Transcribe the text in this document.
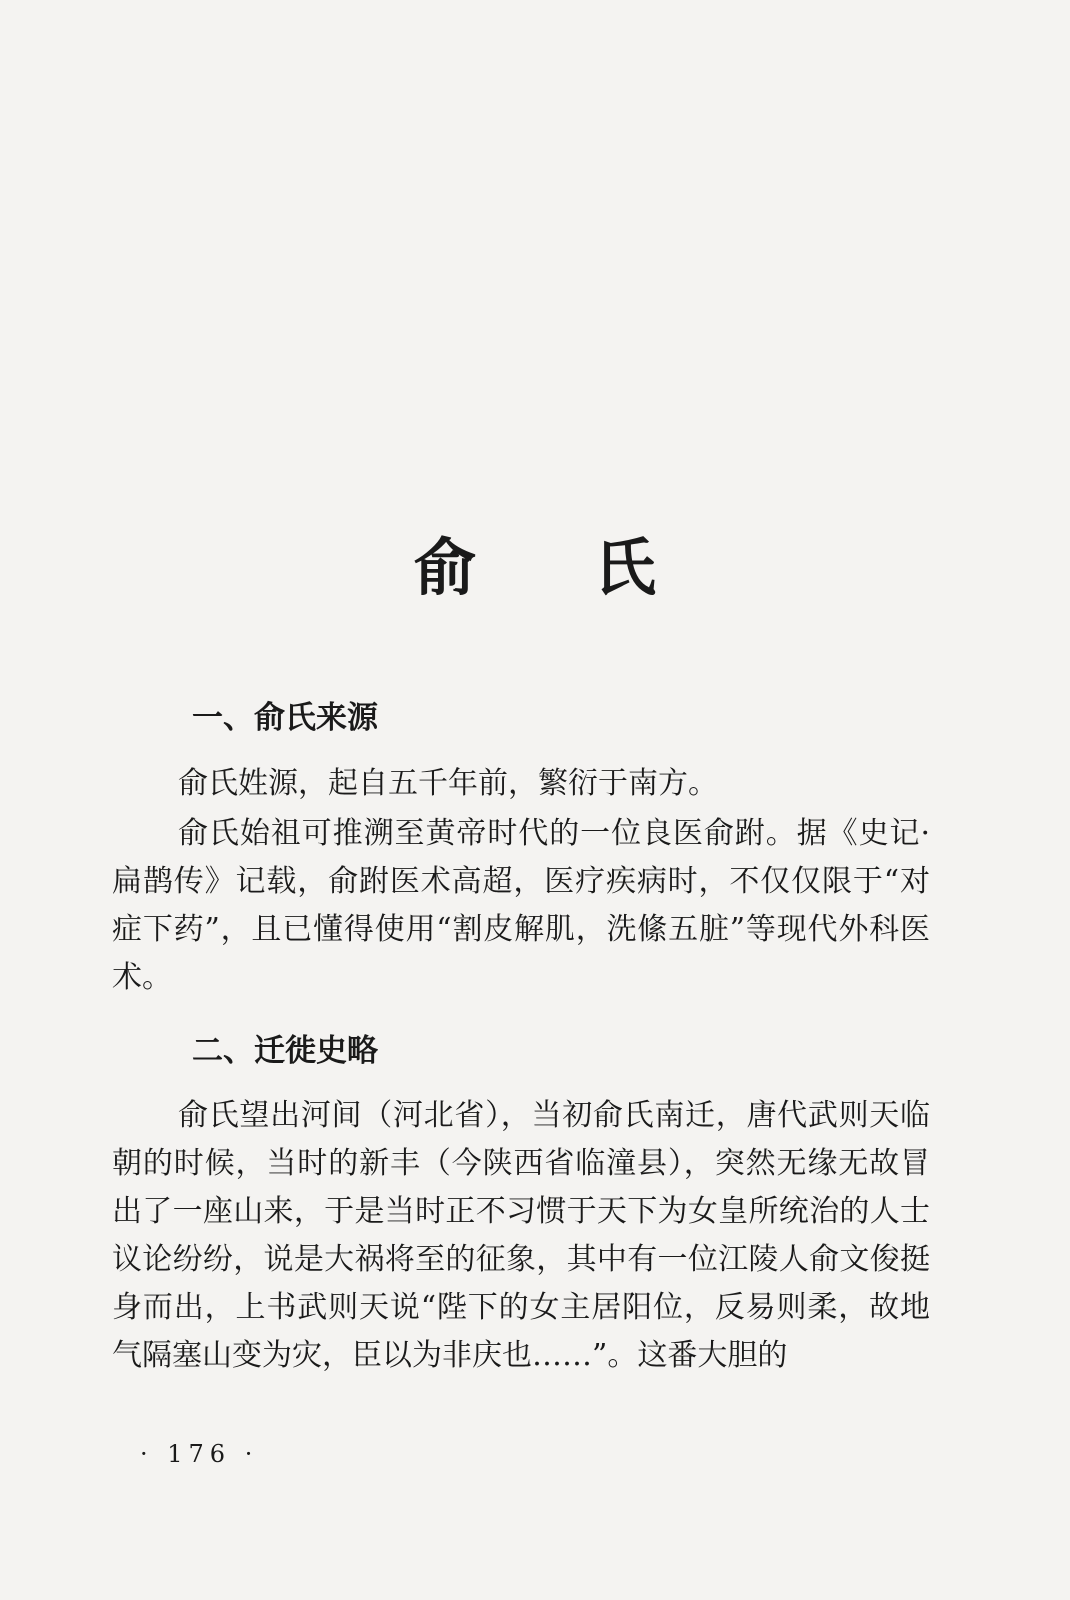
俞 氏
一、俞氏来源

俞氏姓源，起自五千年前，繁衍于南方。

俞氏始祖可推溯至黄帝时代的一位良医俞跗。据《史记·扁鹊传》记载，俞跗医术高超，医疗疾病时，不仅仅限于“对症下药”，且已懂得使用“割皮解肌，洗絛五脏”等现代外科医术。

二、迁徙史略

俞氏望出河间（河北省），当初俞氏南迁，唐代武则天临朝的时候，当时的新丰（今陕西省临潼县），突然无缘无故冒出了一座山来，于是当时正不习惯于天下为女皇所统治的人士议论纷纷，说是大祸将至的征象，其中有一位江陵人俞文俊挺身而出，上书武则天说“陛下的女主居阳位，反易则柔，故地气隔塞山变为灾，臣以为非庆也……”。这番大胆的

· 176 ·
